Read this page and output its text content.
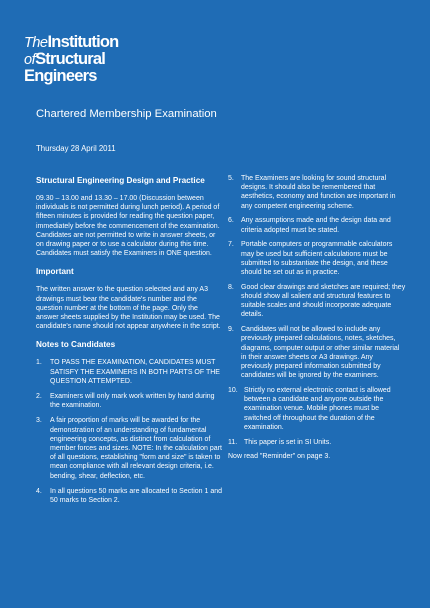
TheInstitution
ofStructural
Engineers
Chartered Membership Examination
Thursday 28 April 2011
Structural Engineering Design and Practice

09.30 – 13.00 and 13.30 – 17.00 (Discussion between individuals is not permitted during lunch period). A period of fifteen minutes is provided for reading the question paper, immediately before the commencement of the examination. Candidates are not permitted to write in answer sheets, or on drawing paper or to use a calculator during this time. Candidates must satisfy the Examiners in ONE question.

Important

The written answer to the question selected and any A3 drawings must bear the candidate's number and the question number at the bottom of the page. Only the answer sheets supplied by the Institution may be used. The candidate's name should not appear anywhere in the script.

Notes to Candidates
1. TO PASS THE EXAMINATION, CANDIDATES MUST SATISFY THE EXAMINERS IN BOTH PARTS OF THE QUESTION ATTEMPTED.
2. Examiners will only mark work written by hand during the examination.
3. A fair proportion of marks will be awarded for the demonstration of an understanding of fundamental engineering concepts, as distinct from calculation of member forces and sizes. NOTE: In the calculation part of all questions, establishing "form and size" is taken to mean compliance with all relevant design criteria, i.e. bending, shear, deflection, etc.
4. In all questions 50 marks are allocated to Section 1 and 50 marks to Section 2.
5. The Examiners are looking for sound structural designs. It should also be remembered that aesthetics, economy and function are important in any competent engineering scheme.
6. Any assumptions made and the design data and criteria adopted must be stated.
7. Portable computers or programmable calculators may be used but sufficient calculations must be submitted to substantiate the design, and these should be set out as in practice.
8. Good clear drawings and sketches are required; they should show all salient and structural features to suitable scales and should incorporate adequate details.
9. Candidates will not be allowed to include any previously prepared calculations, notes, sketches, diagrams, computer output or other similar material in their answer sheets or A3 drawings. Any previously prepared information submitted by candidates will be ignored by the examiners.
10. Strictly no external electronic contact is allowed between a candidate and anyone outside the examination venue. Mobile phones must be switched off throughout the duration of the examination.
11. This paper is set in SI Units.

Now read "Reminder" on page 3.
